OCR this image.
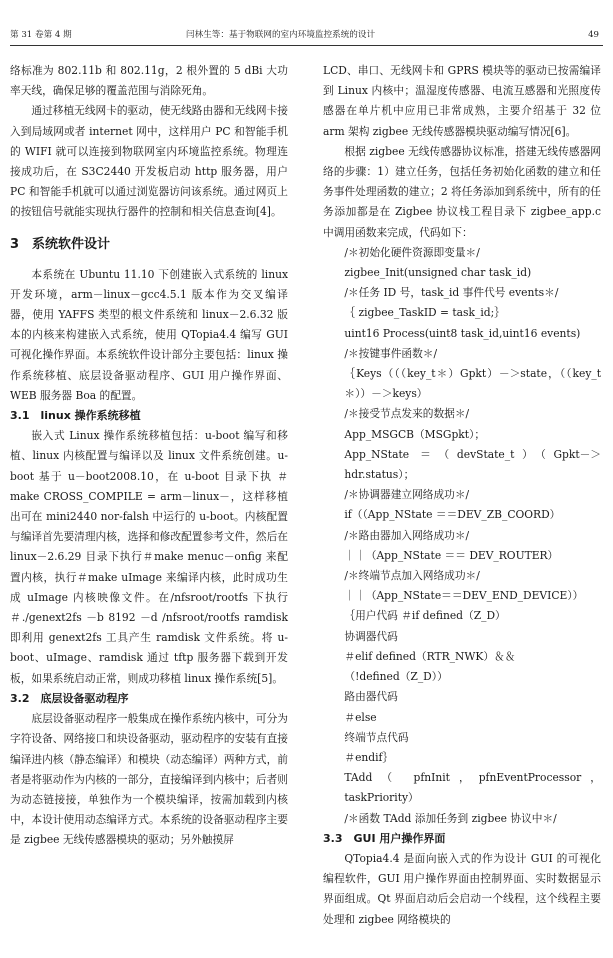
第 31 卷第 4 期	闫林生等：基于物联网的室内环境监控系统的设计	49

络标准为 802.11b 和 802.11g，2 根外置的 5 dBi 大功率天线，确保足够的覆盖范围与消除死角。

通过移植无线网卡的驱动，使无线路由器和无线网卡接入到局域网或者 internet 网中，这样用户 PC 和智能手机的 WIFI 就可以连接到物联网室内环境监控系统。物理连接成功后，在 S3C2440 开发板启动 http 服务器，用户 PC 和智能手机就可以通过浏览器访问该系统。通过网页上的按钮信号就能实现执行器件的控制和相关信息查询[4]。

3　系统软件设计

本系统在 Ubuntu 11.10 下创建嵌入式系统的 linux 开发环境，arm－linux－gcc4.5.1 版本作为交叉编译器，使用 YAFFS 类型的根文件系统和 linux－2.6.32 版本的内核来构建嵌入式系统，使用 QTopia4.4 编写 GUI 可视化操作界面。本系统软件设计部分主要包括：linux 操作系统移植、底层设备驱动程序、GUI 用户操作界面、WEB 服务器 Boa 的配置。

3.1　linux 操作系统移植

嵌入式 Linux 操作系统移植包括：u-boot 编写和移植、linux 内核配置与编译以及 linux 文件系统创建。u-boot 基于 u－boot2008.10，在 u-boot 目录下执 ＃ make CROSS_COMPILE = arm－linux－，这样移植出可在 mini2440 nor-falsh 中运行的 u-boot。内核配置与编译首先要清理内核，选择和修改配置参考文件，然后在 linux－2.6.29 目录下执行＃make menuc－onfig 来配置内核，执行＃make uImage 来编译内核，此时成功生成 uImage 内核映像文件。在/nfsroot/rootfs 下执行＃./genext2fs －b 8192 －d /nfsroot/rootfs ramdisk 即利用 genext2fs 工具产生 ramdisk 文件系统。将 u-boot、uImage、ramdisk 通过 tftp 服务器下载到开发板，如果系统启动正常，则成功移植 linux 操作系统[5]。

3.2　底层设备驱动程序

底层设备驱动程序一般集成在操作系统内核中，可分为字符设备、网络接口和块设备驱动，驱动程序的安装有直接编译进内核（静态编译）和模块（动态编译）两种方式，前者是将驱动作为内核的一部分，直接编译到内核中；后者则为动态链接接，单独作为一个模块编译，按需加载到内核中，本设计使用动态编译方式。本系统的设备驱动程序主要是 zigbee 无线传感器模块的驱动；另外触摸屏

LCD、串口、无线网卡和 GPRS 模块等的驱动已按需编译到 Linux 内核中；温湿度传感器、电流互感器和光照度传感器在单片机中应用已非常成熟，主要介绍基于 32 位 arm 架构 zigbee 无线传感器模块驱动编写情况[6]。

根据 zigbee 无线传感器协议标准，搭建无线传感器网络的步骤：1）建立任务，包括任务初始化函数的建立和任务事件处理函数的建立；2 将任务添加到系统中，所有的任务添加都是在 Zigbee 协议栈工程目录下 zigbee_app.c 中调用函数来完成，代码如下：

/＊初始化硬件资源即变量＊/

zigbee_Init(unsigned char task_id)

/＊任务 ID 号，task_id 事件代号 events＊/

｛ zigbee_TaskID = task_id;｝

uint16 Process(uint8 task_id,uint16 events)

/＊按键事件函数＊/

｛Keys（（（key_t＊）Gpkt）－＞state，（（key_t＊））－＞keys）

/＊接受节点发来的数据＊/

App_MSGCB（MSGpkt）；

App_NState ＝（devState_t）（Gpkt－＞hdr.status）；

/＊协调器建立网络成功＊/

if（（App_NState ＝＝DEV_ZB_COORD）

/＊路由器加入网络成功＊/

｜｜（App_NState ＝＝ DEV_ROUTER）

/＊终端节点加入网络成功＊/

｜｜（App_NState＝＝DEV_END_DEVICE））

｛用户代码 ＃if defined（Z_D）

协调器代码

＃elif defined（RTR_NWK）＆＆

（!defined（Z_D））

路由器代码

＃else

终端节点代码

＃endif｝

TAdd（ pfnInit，pfnEventProcessor，taskPriority）

/＊函数 TAdd 添加任务到 zigbee 协议中＊/

3.3　GUI 用户操作界面

QTopia4.4 是面向嵌入式的作为设计 GUI 的可视化编程软件，GUI 用户操作界面由控制界面、实时数据显示界面组成。Qt 界面启动后会启动一个线程，这个线程主要处理和 zigbee 网络模块的
